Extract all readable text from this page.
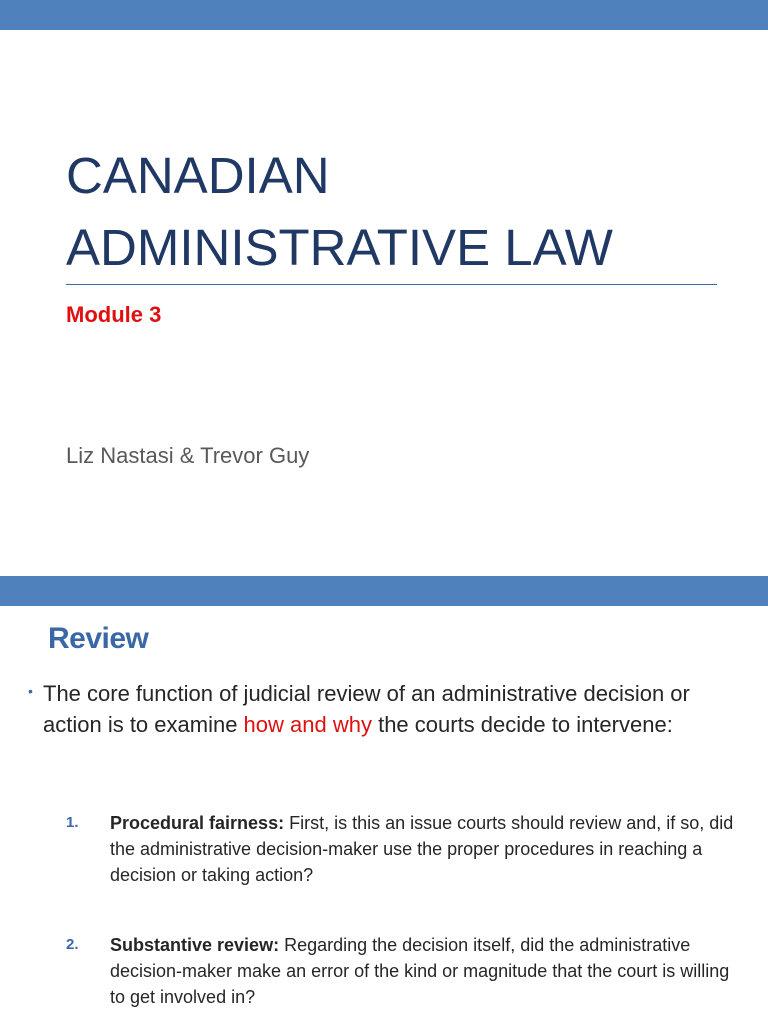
CANADIAN
ADMINISTRATIVE LAW
Module 3
Liz Nastasi & Trevor Guy
Review
• The core function of judicial review of an administrative decision or action is to examine how and why the courts decide to intervene:
1. Procedural fairness: First, is this an issue courts should review and, if so, did the administrative decision-maker use the proper procedures in reaching a decision or taking action?
2. Substantive review: Regarding the decision itself, did the administrative decision-maker make an error of the kind or magnitude that the court is willing to get involved in?
